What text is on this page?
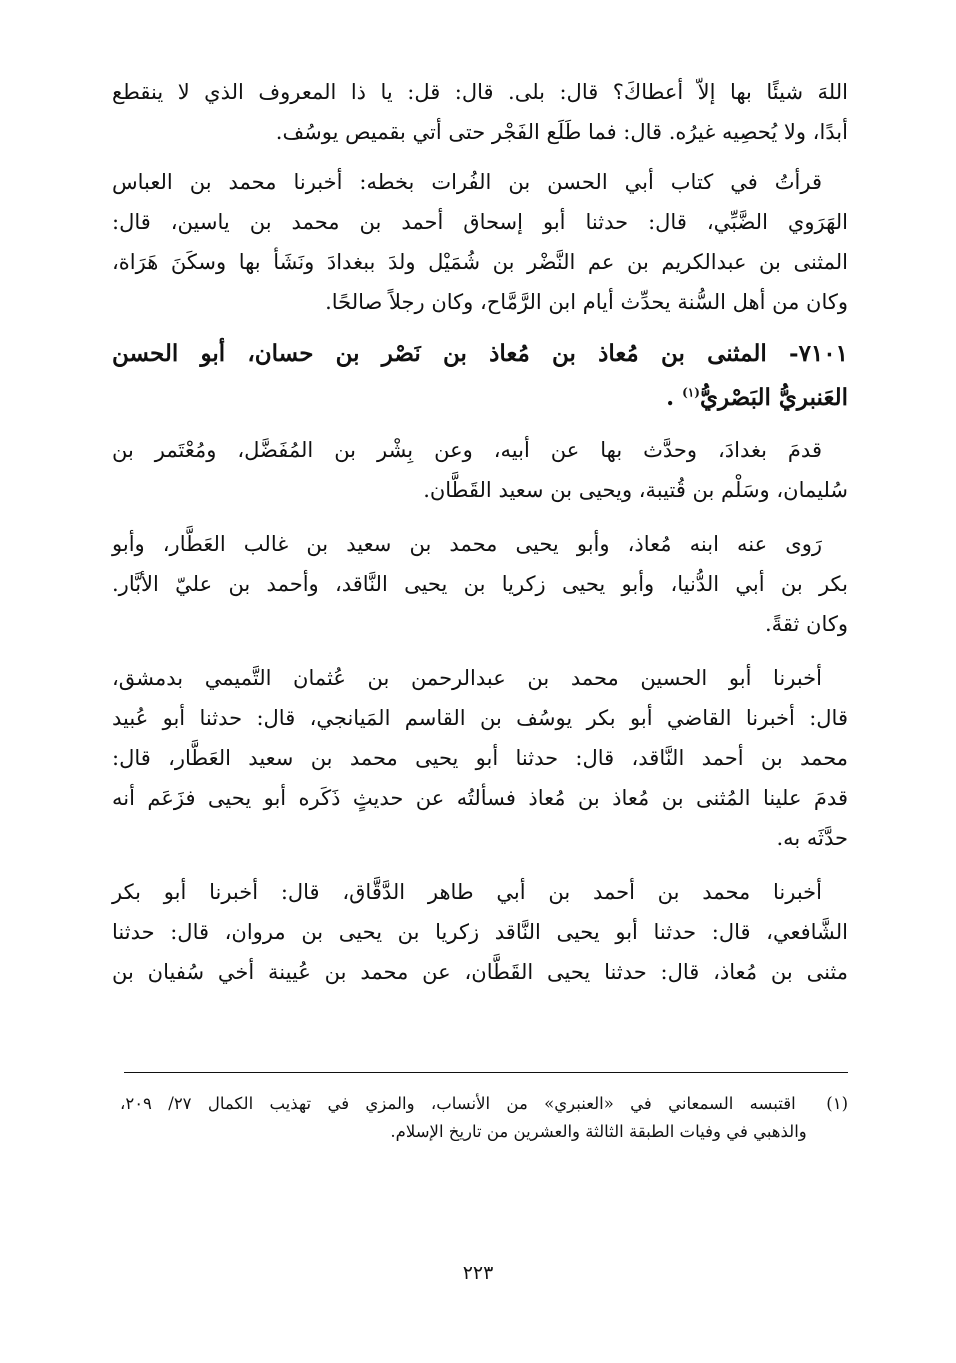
اللهَ شيئًا بها إلاّ أعطاكَ؟ قال: بلى. قال: قل: يا ذا المعروف الذي لا ينقطع
أبدًا، ولا يُحصِيه غيرُه. قال: فما طَلَع الفَجْر حتى أتي بقميص يوسُف.
قرأتُ في كتاب أبي الحسن بن الفُرات بخطه: أخبرنا محمد بن العباس
الهَرَوي الضَّبِّي، قال: حدثنا أبو إسحاق أحمد بن محمد بن ياسين، قال:
المثنى بن عبدالكريم بن عم النَّضْر بن شُمَيْل ولدَ ببغدادَ ونَشَأ بها وسكَنَ هَرَاة،
وكان من أهل السُّنة يحدِّث أيام ابن الرَّمَّاح، وكان رجلاً صالحًا.
٧١٠١- المثنى بن مُعاذ بن مُعاذ بن نَصْر بن حسان، أبو الحسن
العَنبريُّ البَصْريُّ$^{(١)}$ .
قدمَ بغدادَ، وحدَّث بها عن أبيه، وعن بِشْر بن المُفَضَّل، ومُعْتَمر بن
سُليمان، وسَلْم بن قُتيبة، ويحيى بن سعيد القَطَّان.
رَوى عنه ابنه مُعاذ، وأبو يحيى محمد بن سعيد بن غالب العَطَّار، وأبو
بكر بن أبي الدُّنيا، وأبو يحيى زكريا بن يحيى النَّاقد، وأحمد بن عليّ الأبَّار.
وكان ثقةً.
أخبرنا أبو الحسين محمد بن عبدالرحمن بن عُثمان التَّميمي بدمشق،
قال: أخبرنا القاضي أبو بكر يوسُف بن القاسم المَيانجي، قال: حدثنا أبو عُبيد
محمد بن أحمد النَّاقد، قال: حدثنا أبو يحيى محمد بن سعيد العَطَّار، قال:
قدمَ علينا المُثنى بن مُعاذ بن مُعاذ فسألتُه عن حديثٍ ذَكَره أبو يحيى فزَعَم أنه
حدَّثَه به.
أخبرنا محمد بن أحمد بن أبي طاهر الدَّقَّاق، قال: أخبرنا أبو بكر
الشَّافعي، قال: حدثنا أبو يحيى النَّاقد زكريا بن يحيى بن مروان، قال: حدثنا
مثنى بن مُعاذ، قال: حدثنا يحيى القَطَّان، عن محمد بن عُيينة أخي سُفيان بن
(١) اقتبسه السمعاني في «العنبري» من الأنساب، والمزي في تهذيب الكمال ٢٧/ ٢٠٩،
والذهبي في وفيات الطبقة الثالثة والعشرين من تاريخ الإسلام.
٢٢٣
